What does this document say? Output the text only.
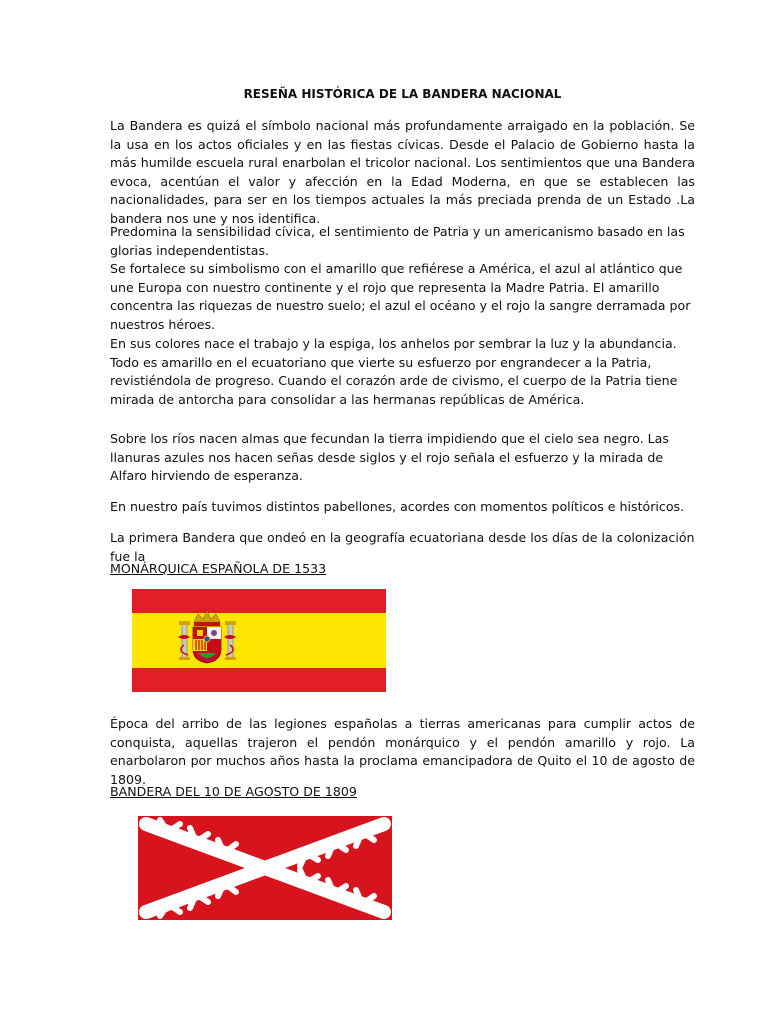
RESEÑA HISTÓRICA DE LA BANDERA NACIONAL

La Bandera es quizá el símbolo nacional más profundamente arraigado en la población. Se la usa en los actos oficiales y en las fiestas cívicas. Desde el Palacio de Gobierno hasta la más humilde escuela rural enarbolan el tricolor nacional. Los sentimientos que una Bandera evoca, acentúan el valor y afección en la Edad Moderna, en que se establecen las nacionalidades, para ser en los tiempos actuales la más preciada prenda de un Estado .La bandera nos une y nos identifica.

Predomina la sensibilidad cívica, el sentimiento de Patria y un americanismo basado en las glorias independentistas.

Se fortalece su simbolismo con el amarillo que refiérese a América, el azul al atlántico que une Europa con nuestro continente y el rojo que representa la Madre Patria. El amarillo concentra las riquezas de nuestro suelo; el azul el océano y el rojo la sangre derramada por nuestros héroes.

En sus colores nace el trabajo y la espiga, los anhelos por sembrar la luz y la abundancia. Todo es amarillo en el ecuatoriano que vierte su esfuerzo por engrandecer a la Patria, revistiéndola de progreso. Cuando el corazón arde de civismo, el cuerpo de la Patria tiene mirada de antorcha para consolidar a las hermanas repúblicas de América.

Sobre los ríos nacen almas que fecundan la tierra impidiendo que el cielo sea negro. Las llanuras azules nos hacen señas desde siglos y el rojo señala el esfuerzo y la mirada de Alfaro hirviendo de esperanza.

En nuestro país tuvimos distintos pabellones, acordes con momentos políticos e históricos.

La primera Bandera que ondeó en la geografía ecuatoriana desde los días de la colonización fue la

MONÁRQUICA ESPAÑOLA DE 1533

Época del arribo de las legiones españolas a tierras americanas para cumplir actos de conquista, aquellas trajeron el pendón monárquico y el pendón amarillo y rojo. La enarbolaron por muchos años hasta la proclama emancipadora de Quito el 10 de agosto de 1809.

BANDERA DEL 10 DE AGOSTO DE 1809
